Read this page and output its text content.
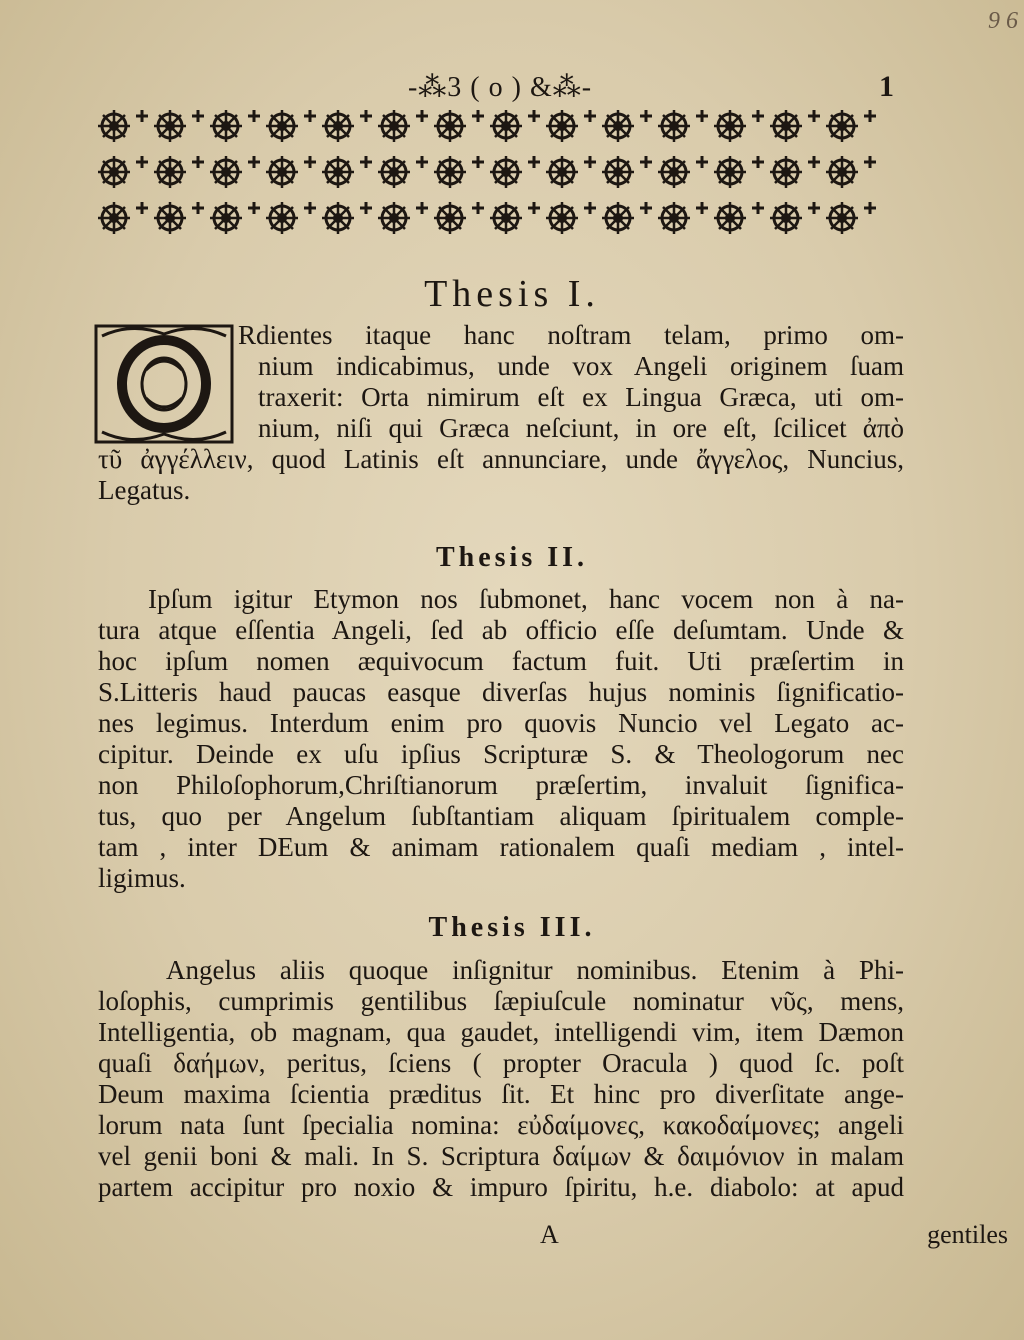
9 6
-⁂3 ( o ) &⁂-	1
Thesis I.
Rdientes itaque hanc noſtram telam, primo om-
nium indicabimus, unde vox Angeli originem ſuam
traxerit: Orta nimirum eſt ex Lingua Græca, uti om-
nium, niſi qui Græca neſciunt, in ore eſt, ſcilicet ἀπὸ
τῦ ἀγγέλλειν, quod Latinis eſt annunciare, unde ἄγγελος, Nuncius,
Legatus.
Thesis II.
Ipſum igitur Etymon nos ſubmonet, hanc vocem non à na-
tura atque eſſentia Angeli, ſed ab officio eſſe deſumtam. Unde &
hoc ipſum nomen æquivocum factum fuit. Uti præſertim in
S.Litteris haud paucas easque diverſas hujus nominis ſignificatio-
nes legimus. Interdum enim pro quovis Nuncio vel Legato ac-
cipitur. Deinde ex uſu ipſius Scripturæ S. & Theologorum nec
non Philoſophorum,Chriſtianorum præſertim, invaluit ſignifica-
tus, quo per Angelum ſubſtantiam aliquam ſpiritualem comple-
tam , inter DEum & animam rationalem quaſi mediam , intel-
ligimus.
Thesis III.
Angelus aliis quoque inſignitur nominibus. Etenim à Phi-
loſophis, cumprimis gentilibus ſæpiuſcule nominatur νῦς, mens,
Intelligentia, ob magnam, qua gaudet, intelligendi vim, item Dæmon
quaſi δαήμων, peritus, ſciens ( propter Oracula ) quod ſc. poſt
Deum maxima ſcientia præditus ſit. Et hinc pro diverſitate ange-
lorum nata ſunt ſpecialia nomina: εὐδαίμονες, κακοδαίμονες; angeli
vel genii boni & mali. In S. Scriptura δαίμων & δαιμόνιον in malam
partem accipitur pro noxio & impuro ſpiritu, h.e. diabolo: at apud
A	gentiles
